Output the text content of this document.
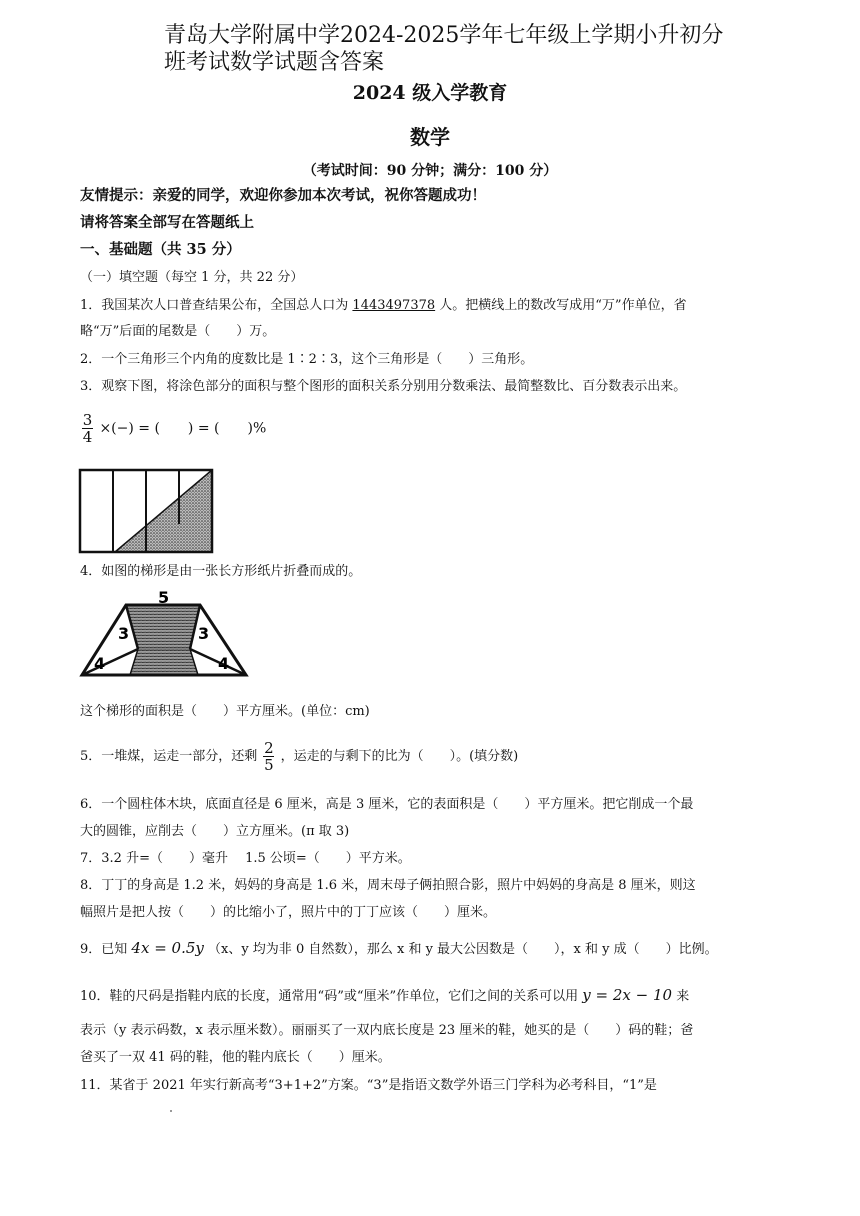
青岛大学附属中学2024-2025学年七年级上学期小升初分
班考试数学试题含答案
2024 级入学教育
数学
（考试时间：90 分钟；满分：100 分）
友情提示：亲爱的同学，欢迎你参加本次考试，祝你答题成功！
请将答案全部写在答题纸上
一、基础题（共 35 分）
（一）填空题（每空 1 分，共 22 分）
1．我国某次人口普查结果公布，全国总人口为 1443497378 人。把横线上的数改写成用“万”作单位，省
略“万”后面的尾数是（　　）万。
2．一个三角形三个内角的度数比是 1∶2∶3，这个三角形是（　　）三角形。
3．观察下图，将涂色部分的面积与整个图形的面积关系分别用分数乘法、最简整数比、百分数表示出来。
$\frac{3}{4}$ ×(−) = (　　) = (　　)%
4．如图的梯形是由一张长方形纸片折叠而成的。
5
3	3
4	4
这个梯形的面积是（　　）平方厘米。(单位：cm)
5．一堆煤，运走一部分，还剩 $\frac{2}{5}$ ，运走的与剩下的比为（　　）。(填分数)
6．一个圆柱体木块，底面直径是 6 厘米，高是 3 厘米，它的表面积是（　　）平方厘米。把它削成一个最
大的圆锥，应削去（　　）立方厘米。(π 取 3)
7．3.2 升=（　　）毫升　 1.5 公顷=（　　）平方米。
8．丁丁的身高是 1.2 米，妈妈的身高是 1.6 米，周末母子俩拍照合影，照片中妈妈的身高是 8 厘米，则这
幅照片是把人按（　　）的比缩小了，照片中的丁丁应该（　　）厘米。
9．已知 4x = 0.5y （x、y 均为非 0 自然数），那么 x 和 y 最大公因数是（　　），x 和 y 成（　　）比例。
10．鞋的尺码是指鞋内底的长度，通常用“码”或“厘米”作单位，它们之间的关系可以用 y = 2x − 10 来
表示（y 表示码数，x 表示厘米数）。丽丽买了一双内底长度是 23 厘米的鞋，她买的是（　　）码的鞋；爸
爸买了一双 41 码的鞋，他的鞋内底长（　　）厘米。
11．某省于 2021 年实行新高考“3+1+2”方案。“3”是指语文数学外语三门学科为必考科目，“1”是
